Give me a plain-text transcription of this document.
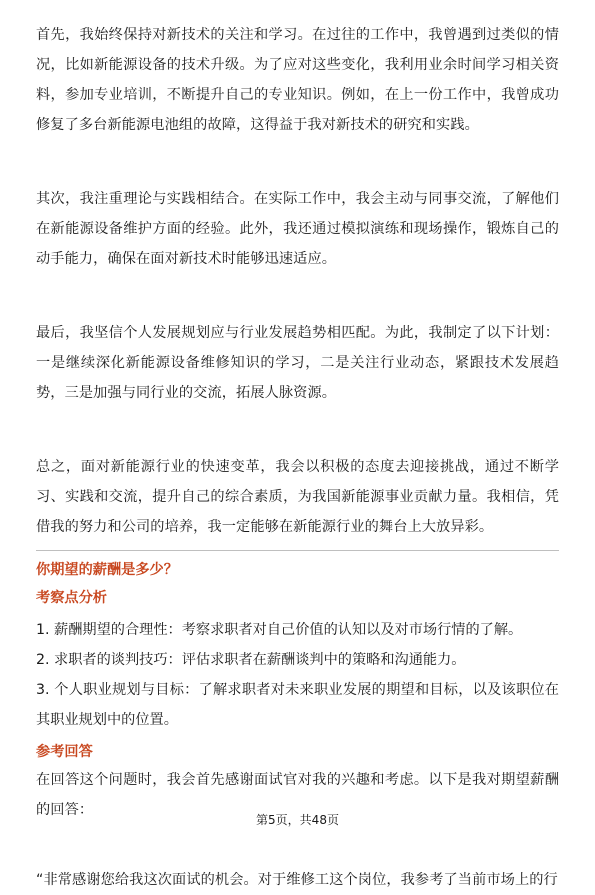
首先，我始终保持对新技术的关注和学习。在过往的工作中，我曾遇到过类似的情况，比如新能源设备的技术升级。为了应对这些变化，我利用业余时间学习相关资料，参加专业培训，不断提升自己的专业知识。例如，在上一份工作中，我曾成功修复了多台新能源电池组的故障，这得益于我对新技术的研究和实践。

其次，我注重理论与实践相结合。在实际工作中，我会主动与同事交流，了解他们在新能源设备维护方面的经验。此外，我还通过模拟演练和现场操作，锻炼自己的动手能力，确保在面对新技术时能够迅速适应。

最后，我坚信个人发展规划应与行业发展趋势相匹配。为此，我制定了以下计划：一是继续深化新能源设备维修知识的学习，二是关注行业动态，紧跟技术发展趋势，三是加强与同行业的交流，拓展人脉资源。

总之，面对新能源行业的快速变革，我会以积极的态度去迎接挑战，通过不断学习、实践和交流，提升自己的综合素质，为我国新能源事业贡献力量。我相信，凭借我的努力和公司的培养，我一定能够在新能源行业的舞台上大放异彩。

你期望的薪酬是多少？

考察点分析

1. 薪酬期望的合理性：考察求职者对自己价值的认知以及对市场行情的了解。

2. 求职者的谈判技巧：评估求职者在薪酬谈判中的策略和沟通能力。

3. 个人职业规划与目标：了解求职者对未来职业发展的期望和目标，以及该职位在其职业规划中的位置。

参考回答

在回答这个问题时，我会首先感谢面试官对我的兴趣和考虑。以下是我对期望薪酬的回答：

“非常感谢您给我这次面试的机会。对于维修工这个岗位，我参考了当前市场上的行

第5页，共48页
